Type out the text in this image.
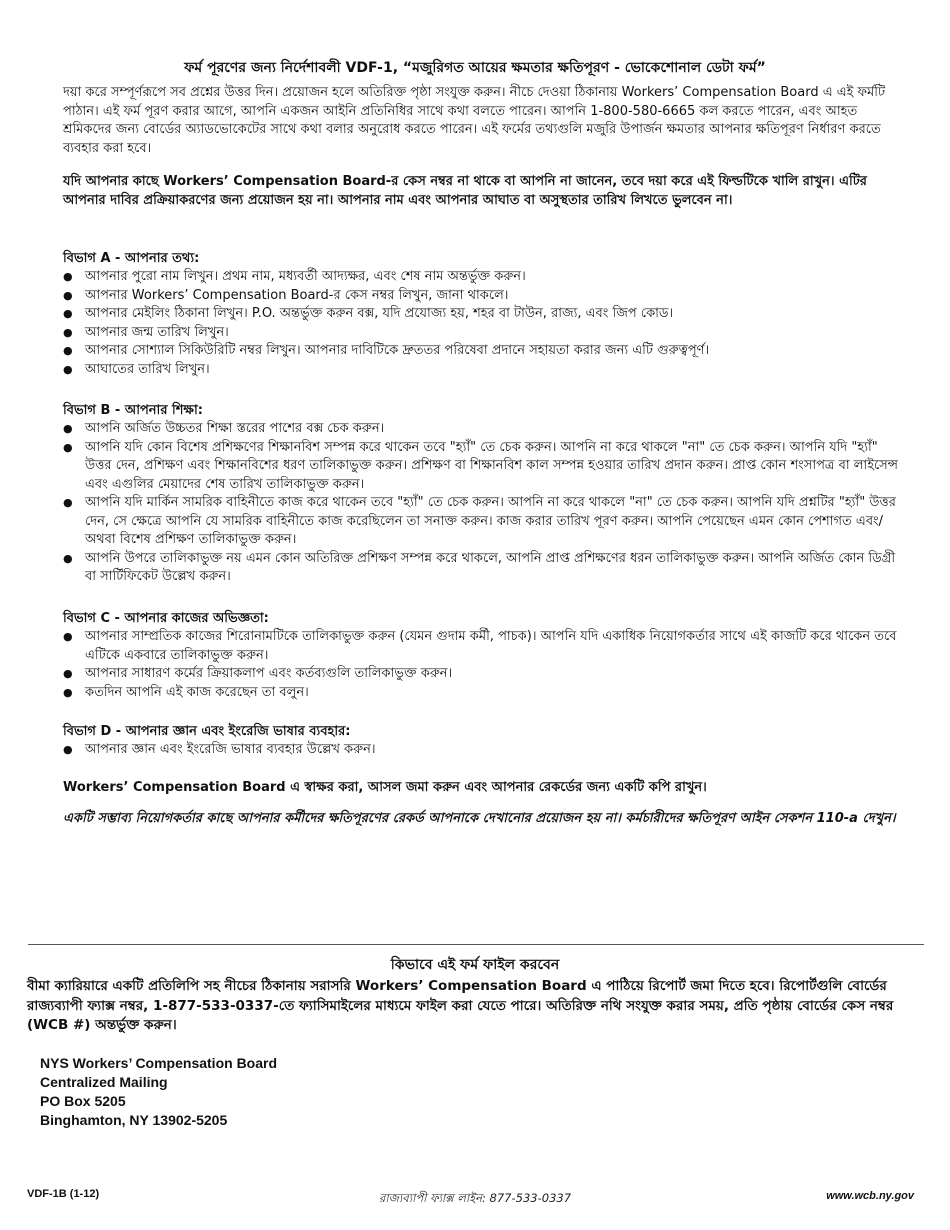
ফর্ম পূরণের জন্য নির্দেশাবলী VDF-1, “মজুরিগত আয়ের ক্ষমতার ক্ষতিপূরণ - ভোকেশোনাল ডেটা ফর্ম”
দয়া করে সম্পূর্ণরূপে সব প্রশ্নের উত্তর দিন। প্রয়োজন হলে অতিরিক্ত পৃষ্ঠা সংযুক্ত করুন। নীচে দেওয়া ঠিকানায় Workers’ Compensation Board এ এই ফর্মটি পাঠান। এই ফর্ম পূরণ করার আগে, আপনি একজন আইনি প্রতিনিধির সাথে কথা বলতে পারেন। আপনি 1-800-580-6665 কল করতে পারেন, এবং আহত শ্রমিকদের জন্য বোর্ডের অ্যাডভোকেটের সাথে কথা বলার অনুরোধ করতে পারেন। এই ফর্মের তথ্যগুলি মজুরি উপার্জন ক্ষমতার আপনার ক্ষতিপূরণ নির্ধারণ করতে ব্যবহার করা হবে।
যদি আপনার কাছে Workers’ Compensation Board-র কেস নম্বর না থাকে বা আপনি না জানেন, তবে দয়া করে এই ফিল্ডটিকে খালি রাখুন। এটির আপনার দাবির প্রক্রিয়াকরণের জন্য প্রয়োজন হয় না। আপনার নাম এবং আপনার আঘাত বা অসুস্থতার তারিখ লিখতে ভুলবেন না।
বিভাগ A - আপনার তথ্য:
● আপনার পুরো নাম লিখুন। প্রথম নাম, মধ্যবর্তী আদ্যক্ষর, এবং শেষ নাম অন্তর্ভুক্ত করুন।
● আপনার Workers’ Compensation Board-র কেস নম্বর লিখুন, জানা থাকলে।
● আপনার মেইলিং ঠিকানা লিখুন। P.O. অন্তর্ভুক্ত করুন বক্স, যদি প্রযোজ্য হয়, শহর বা টাউন, রাজ্য, এবং জিপ কোড।
● আপনার জন্ম তারিখ লিখুন।
● আপনার সোশ্যাল সিকিউরিটি নম্বর লিখুন। আপনার দাবিটিকে দ্রুততর পরিষেবা প্রদানে সহায়তা করার জন্য এটি গুরুত্বপূর্ণ।
● আঘাতের তারিখ লিখুন।
বিভাগ B - আপনার শিক্ষা:
● আপনি অর্জিত উচ্চতর শিক্ষা স্তরের পাশের বক্স চেক করুন।
● আপনি যদি কোন বিশেষ প্রশিক্ষণের শিক্ষানবিশ সম্পন্ন করে থাকেন তবে "হ্যাঁ" তে চেক করুন। আপনি না করে থাকলে "না" তে চেক করুন। আপনি যদি "হ্যাঁ" উত্তর দেন, প্রশিক্ষণ এবং শিক্ষানবিশের ধরণ তালিকাভুক্ত করুন। প্রশিক্ষণ বা শিক্ষানবিশ কাল সম্পন্ন হওয়ার তারিখ প্রদান করুন। প্রাপ্ত কোন শংসাপত্র বা লাইসেন্স এবং এগুলির মেয়াদের শেষ তারিখ তালিকাভুক্ত করুন।
● আপনি যদি মার্কিন সামরিক বাহিনীতে কাজ করে থাকেন তবে "হ্যাঁ" তে চেক করুন। আপনি না করে থাকলে "না" তে চেক করুন। আপনি যদি প্রশ্নটির "হ্যাঁ" উত্তর দেন, সে ক্ষেত্রে আপনি যে সামরিক বাহিনীতে কাজ করেছিলেন তা সনাক্ত করুন। কাজ করার তারিখ পূরণ করুন। আপনি পেয়েছেন এমন কোন পেশাগত এবং/অথবা বিশেষ প্রশিক্ষণ তালিকাভুক্ত করুন।
● আপনি উপরে তালিকাভুক্ত নয় এমন কোন অতিরিক্ত প্রশিক্ষণ সম্পন্ন করে থাকলে, আপনি প্রাপ্ত প্রশিক্ষণের ধরন তালিকাভুক্ত করুন। আপনি অর্জিত কোন ডিগ্রী বা সার্টিফিকেট উল্লেখ করুন।
বিভাগ C - আপনার কাজের অভিজ্ঞতা:
● আপনার সাম্প্রতিক কাজের শিরোনামটিকে তালিকাভুক্ত করুন (যেমন গুদাম কর্মী, পাচক)। আপনি যদি একাধিক নিয়োগকর্তার সাথে এই কাজটি করে থাকেন তবে এটিকে একবারে তালিকাভুক্ত করুন।
● আপনার সাধারণ কর্মের ক্রিয়াকলাপ এবং কর্তব্যগুলি তালিকাভুক্ত করুন।
● কতদিন আপনি এই কাজ করেছেন তা বলুন।
বিভাগ D - আপনার জ্ঞান এবং ইংরেজি ভাষার ব্যবহার:
● আপনার জ্ঞান এবং ইংরেজি ভাষার ব্যবহার উল্লেখ করুন।
Workers’ Compensation Board এ স্বাক্ষর করা, আসল জমা করুন এবং আপনার রেকর্ডের জন্য একটি কপি রাখুন।
একটি সম্ভাব্য নিয়োগকর্তার কাছে আপনার কর্মীদের ক্ষতিপূরণের রেকর্ড আপনাকে দেখানোর প্রয়োজন হয় না। কর্মচারীদের ক্ষতিপূরণ আইন সেকশন 110-a দেখুন।
কিভাবে এই ফর্ম ফাইল করবেন
বীমা ক্যারিয়ারে একটি প্রতিলিপি সহ নীচের ঠিকানায় সরাসরি Workers’ Compensation Board এ পাঠিয়ে রিপোর্ট জমা দিতে হবে। রিপোর্টগুলি বোর্ডের রাজ্যব্যাপী ফ্যাক্স নম্বর, 1-877-533-0337-তে ফ্যাসিমাইলের মাধ্যমে ফাইল করা যেতে পারে। অতিরিক্ত নথি সংযুক্ত করার সময়, প্রতি পৃষ্ঠায় বোর্ডের কেস নম্বর (WCB #) অন্তর্ভুক্ত করুন।
NYS Workers’ Compensation Board
Centralized Mailing
PO Box 5205
Binghamton, NY 13902-5205
VDF-1B (1-12)	রাজ্যব্যাপী ফ্যাক্স লাইন: 877-533-0337	www.wcb.ny.gov
